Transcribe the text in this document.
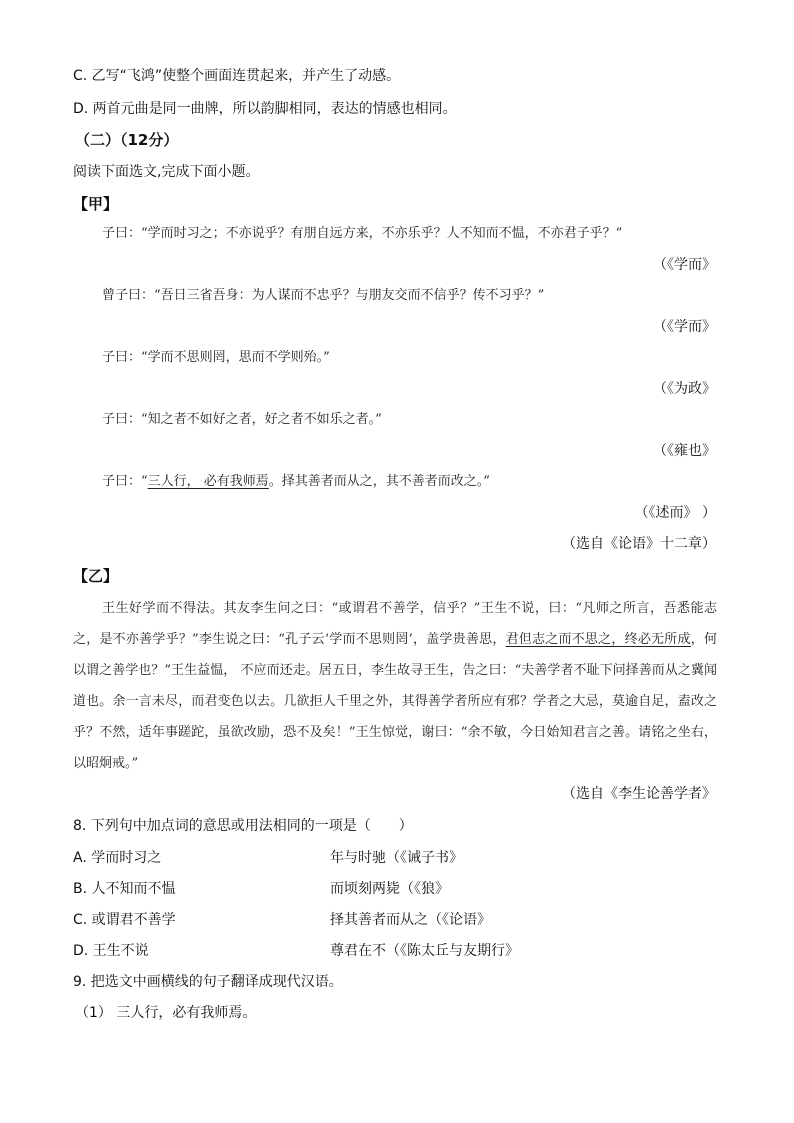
C. 乙写“飞鸿”使整个画面连贯起来，并产生了动感。
D. 两首元曲是同一曲牌，所以韵脚相同，表达的情感也相同。
（二）（12分）
阅读下面选文,完成下面小题。
【甲】
子曰：“学而时习之；不亦说乎？有朋自远方来，不亦乐乎？人不知而不愠，不亦君子乎？”
（《学而》
曾子曰：“吾日三省吾身：为人谋而不忠乎？与朋友交而不信乎？传不习乎？”
（《学而》
子曰：“学而不思则罔，思而不学则殆。”
（《为政》
子曰：“知之者不如好之者，好之者不如乐之者。”
（《雍也》
子曰：“三人行， 必有我师焉。择其善者而从之，其不善者而改之。”
（《述而》 ）
（选自《论语》十二章）
【乙】
王生好学而不得法。其友李生问之曰：“或谓君不善学，信乎？”王生不说，曰：“凡师之所言，吾悉能志之，是不亦善学乎？”李生说之曰：“孔子云‘学而不思则罔’，盖学贵善思，君但志之而不思之，终必无所成，何以谓之善学也？”王生益愠， 不应而还走。居五日，李生故寻王生，告之曰：“夫善学者不耻下问择善而从之冀闻道也。余一言未尽，而君变色以去。几欲拒人千里之外，其得善学者所应有邪？学者之大忌，莫逾自足，盍改之乎？不然，适年事蹉跎，虽欲改励，恐不及矣！”王生惊觉，谢曰：“余不敏，今日始知君言之善。请铭之坐右，以昭炯戒。”
（选自《李生论善学者》
8. 下列句中加点词的意思或用法相同的一项是（　　）
A. 学而时习之	年与时驰（《诫子书》
B. 人不知而不愠	而顷刻两毙（《狼》
C. 或谓君不善学	择其善者而从之（《论语》
D. 王生不说	尊君在不（《陈太丘与友期行》
9. 把选文中画横线的句子翻译成现代汉语。
（1） 三人行，必有我师焉。
